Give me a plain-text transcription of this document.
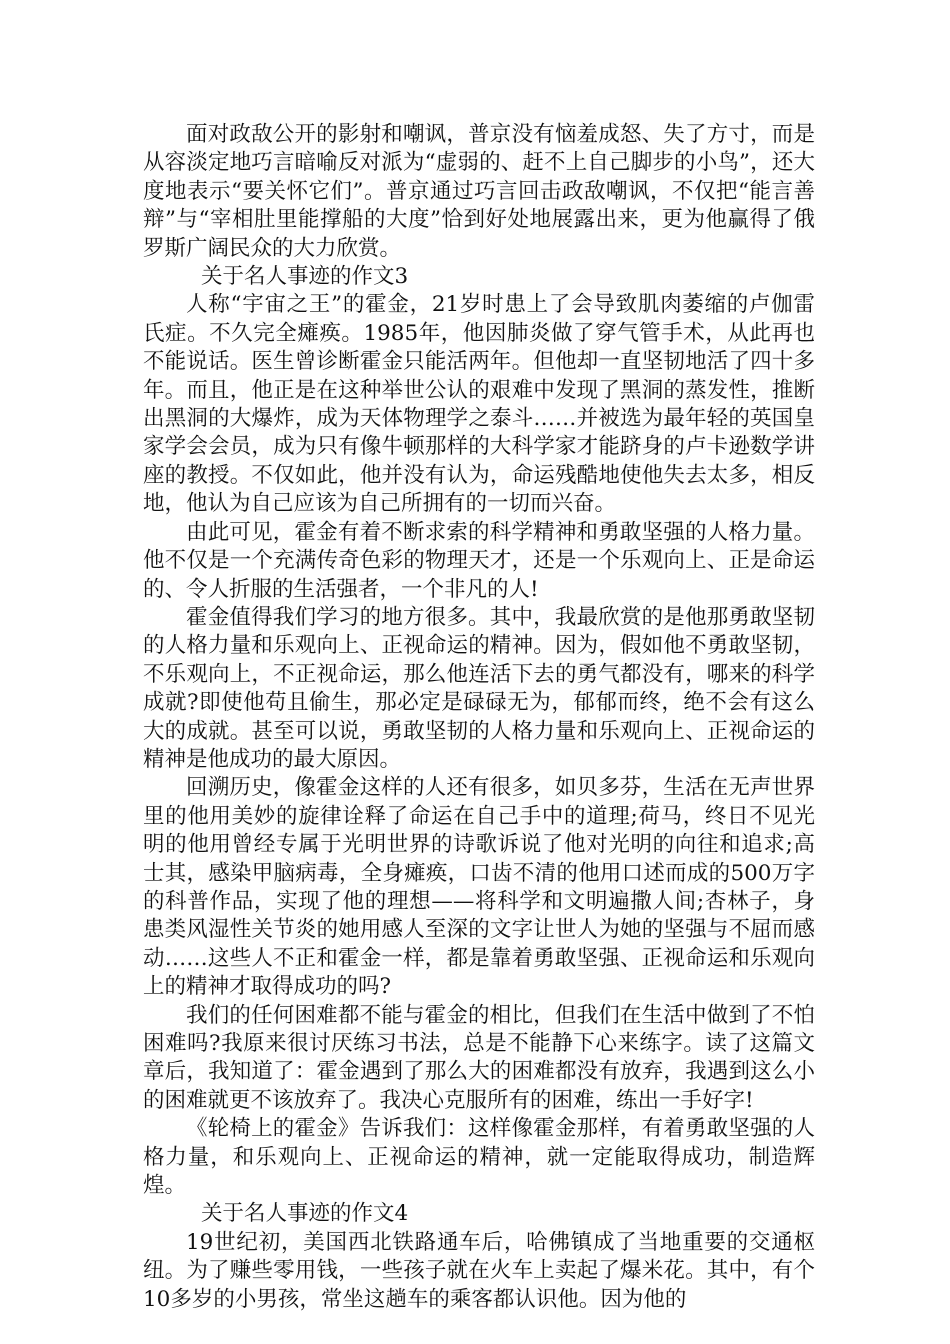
面对政敌公开的影射和嘲讽，普京没有恼羞成怒、失了方寸，而是从容淡定地巧言暗喻反对派为“虚弱的、赶不上自己脚步的小鸟”，还大度地表示“要关怀它们”。普京通过巧言回击政敌嘲讽，不仅把“能言善辩”与“宰相肚里能撑船的大度”恰到好处地展露出来，更为他赢得了俄罗斯广阔民众的大力欣赏。

关于名人事迹的作文3

人称“宇宙之王”的霍金，21岁时患上了会导致肌肉萎缩的卢伽雷氏症。不久完全瘫痪。1985年，他因肺炎做了穿气管手术，从此再也不能说话。医生曾诊断霍金只能活两年。但他却一直坚韧地活了四十多年。而且，他正是在这种举世公认的艰难中发现了黑洞的蒸发性，推断出黑洞的大爆炸，成为天体物理学之泰斗……并被选为最年轻的英国皇家学会会员，成为只有像牛顿那样的大科学家才能跻身的卢卡逊数学讲座的教授。不仅如此，他并没有认为，命运残酷地使他失去太多，相反地，他认为自己应该为自己所拥有的一切而兴奋。

由此可见，霍金有着不断求索的科学精神和勇敢坚强的人格力量。他不仅是一个充满传奇色彩的物理天才，还是一个乐观向上、正是命运的、令人折服的生活强者，一个非凡的人!

霍金值得我们学习的地方很多。其中，我最欣赏的是他那勇敢坚韧的人格力量和乐观向上、正视命运的精神。因为，假如他不勇敢坚韧，不乐观向上，不正视命运，那么他连活下去的勇气都没有，哪来的科学成就?即使他苟且偷生，那必定是碌碌无为，郁郁而终，绝不会有这么大的成就。甚至可以说，勇敢坚韧的人格力量和乐观向上、正视命运的精神是他成功的最大原因。

回溯历史，像霍金这样的人还有很多，如贝多芬，生活在无声世界里的他用美妙的旋律诠释了命运在自己手中的道理;荷马，终日不见光明的他用曾经专属于光明世界的诗歌诉说了他对光明的向往和追求;高士其，感染甲脑病毒，全身瘫痪，口齿不清的他用口述而成的500万字的科普作品，实现了他的理想——将科学和文明遍撒人间;杏林子，身患类风湿性关节炎的她用感人至深的文字让世人为她的坚强与不屈而感动……这些人不正和霍金一样，都是靠着勇敢坚强、正视命运和乐观向上的精神才取得成功的吗?

我们的任何困难都不能与霍金的相比，但我们在生活中做到了不怕困难吗?我原来很讨厌练习书法，总是不能静下心来练字。读了这篇文章后，我知道了：霍金遇到了那么大的困难都没有放弃，我遇到这么小的困难就更不该放弃了。我决心克服所有的困难，练出一手好字!

《轮椅上的霍金》告诉我们：这样像霍金那样，有着勇敢坚强的人格力量，和乐观向上、正视命运的精神，就一定能取得成功，制造辉煌。

关于名人事迹的作文4

19世纪初，美国西北铁路通车后，哈佛镇成了当地重要的交通枢纽。为了赚些零用钱，一些孩子就在火车上卖起了爆米花。其中，有个10多岁的小男孩，常坐这趟车的乘客都认识他。因为他的
